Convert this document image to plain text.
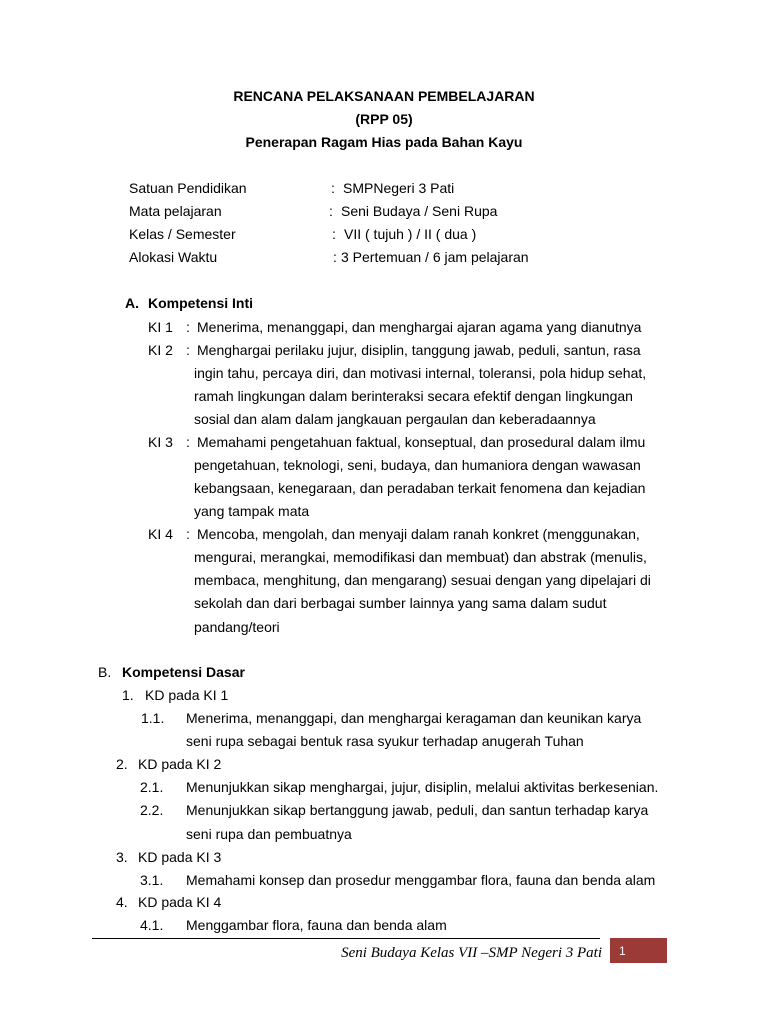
RENCANA PELAKSANAAN PEMBELAJARAN
(RPP 05)
Penerapan Ragam Hias pada Bahan Kayu
Satuan Pendidikan	: SMPNegeri 3 Pati
Mata pelajaran	: Seni Budaya / Seni Rupa
Kelas / Semester	: VII ( tujuh ) / II ( dua )
Alokasi Waktu	: 3 Pertemuan / 6 jam pelajaran
A. Kompetensi Inti
KI 1 : Menerima, menanggapi, dan menghargai ajaran agama yang dianutnya
KI 2 : Menghargai perilaku jujur, disiplin, tanggung jawab, peduli, santun, rasa
ingin tahu, percaya diri, dan motivasi internal, toleransi, pola hidup sehat,
ramah lingkungan dalam berinteraksi secara efektif dengan lingkungan
sosial dan alam dalam jangkauan pergaulan dan keberadaannya
KI 3 : Memahami pengetahuan faktual, konseptual, dan prosedural dalam ilmu
pengetahuan, teknologi, seni, budaya, dan humaniora dengan wawasan
kebangsaan, kenegaraan, dan peradaban terkait fenomena dan kejadian
yang tampak mata
KI 4 : Mencoba, mengolah, dan menyaji dalam ranah konkret (menggunakan,
mengurai, merangkai, memodifikasi dan membuat) dan abstrak (menulis,
membaca, menghitung, dan mengarang) sesuai dengan yang dipelajari di
sekolah dan dari berbagai sumber lainnya yang sama dalam sudut
pandang/teori
B. Kompetensi Dasar
1. KD pada KI 1
1.1. Menerima, menanggapi, dan menghargai keragaman dan keunikan karya
seni rupa sebagai bentuk rasa syukur terhadap anugerah Tuhan
2. KD pada KI 2
2.1. Menunjukkan sikap menghargai, jujur, disiplin, melalui aktivitas berkesenian.
2.2. Menunjukkan sikap bertanggung jawab, peduli, dan santun terhadap karya
seni rupa dan pembuatnya
3. KD pada KI 3
3.1. Memahami konsep dan prosedur menggambar flora, fauna dan benda alam
4. KD pada KI 4
4.1. Menggambar flora, fauna dan benda alam
Seni Budaya Kelas VII –SMP Negeri 3 Pati 1
